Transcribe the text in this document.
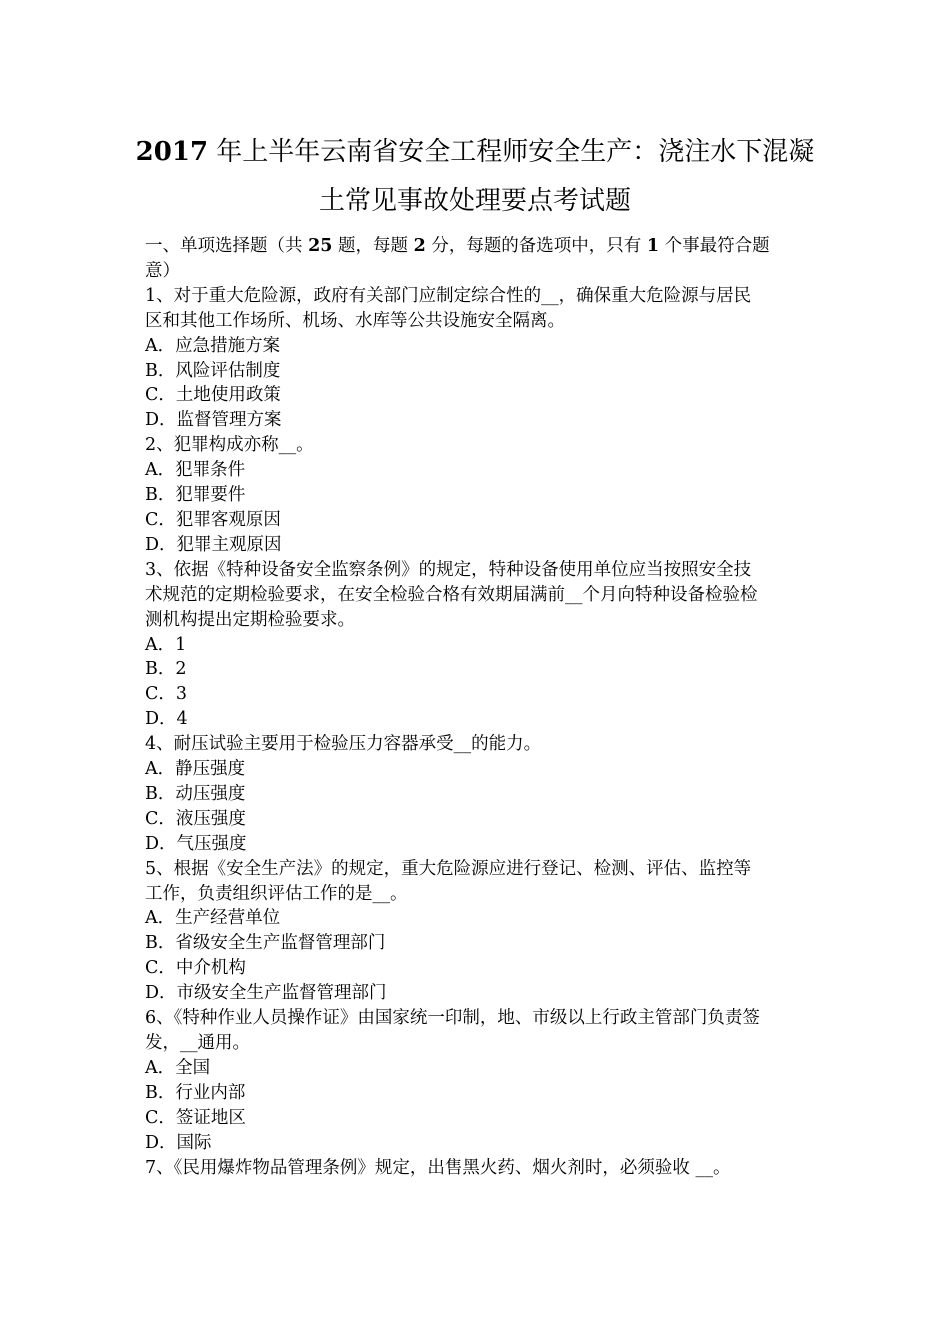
2017 年上半年云南省安全工程师安全生产：浇注水下混凝
土常见事故处理要点考试题

一、单项选择题（共 25 题，每题 2 分，每题的备选项中，只有 1 个事最符合题

意）

1、对于重大危险源，政府有关部门应制定综合性的__，确保重大危险源与居民

区和其他工作场所、机场、水库等公共设施安全隔离。

A．应急措施方案

B．风险评估制度

C．土地使用政策

D．监督管理方案

2、犯罪构成亦称__。

A．犯罪条件

B．犯罪要件

C．犯罪客观原因

D．犯罪主观原因

3、依据《特种设备安全监察条例》的规定，特种设备使用单位应当按照安全技

术规范的定期检验要求，在安全检验合格有效期届满前__个月向特种设备检验检

测机构提出定期检验要求。

A．1

B．2

C．3

D．4

4、耐压试验主要用于检验压力容器承受__的能力。

A．静压强度

B．动压强度

C．液压强度

D．气压强度

5、根据《安全生产法》的规定，重大危险源应进行登记、检测、评估、监控等

工作，负责组织评估工作的是__。

A．生产经营单位

B．省级安全生产监督管理部门

C．中介机构

D．市级安全生产监督管理部门

6、《特种作业人员操作证》由国家统一印制，地、市级以上行政主管部门负责签

发，__通用。

A．全国

B．行业内部

C．签证地区

D．国际

7、《民用爆炸物品管理条例》规定，出售黑火药、烟火剂时，必须验收 __。
